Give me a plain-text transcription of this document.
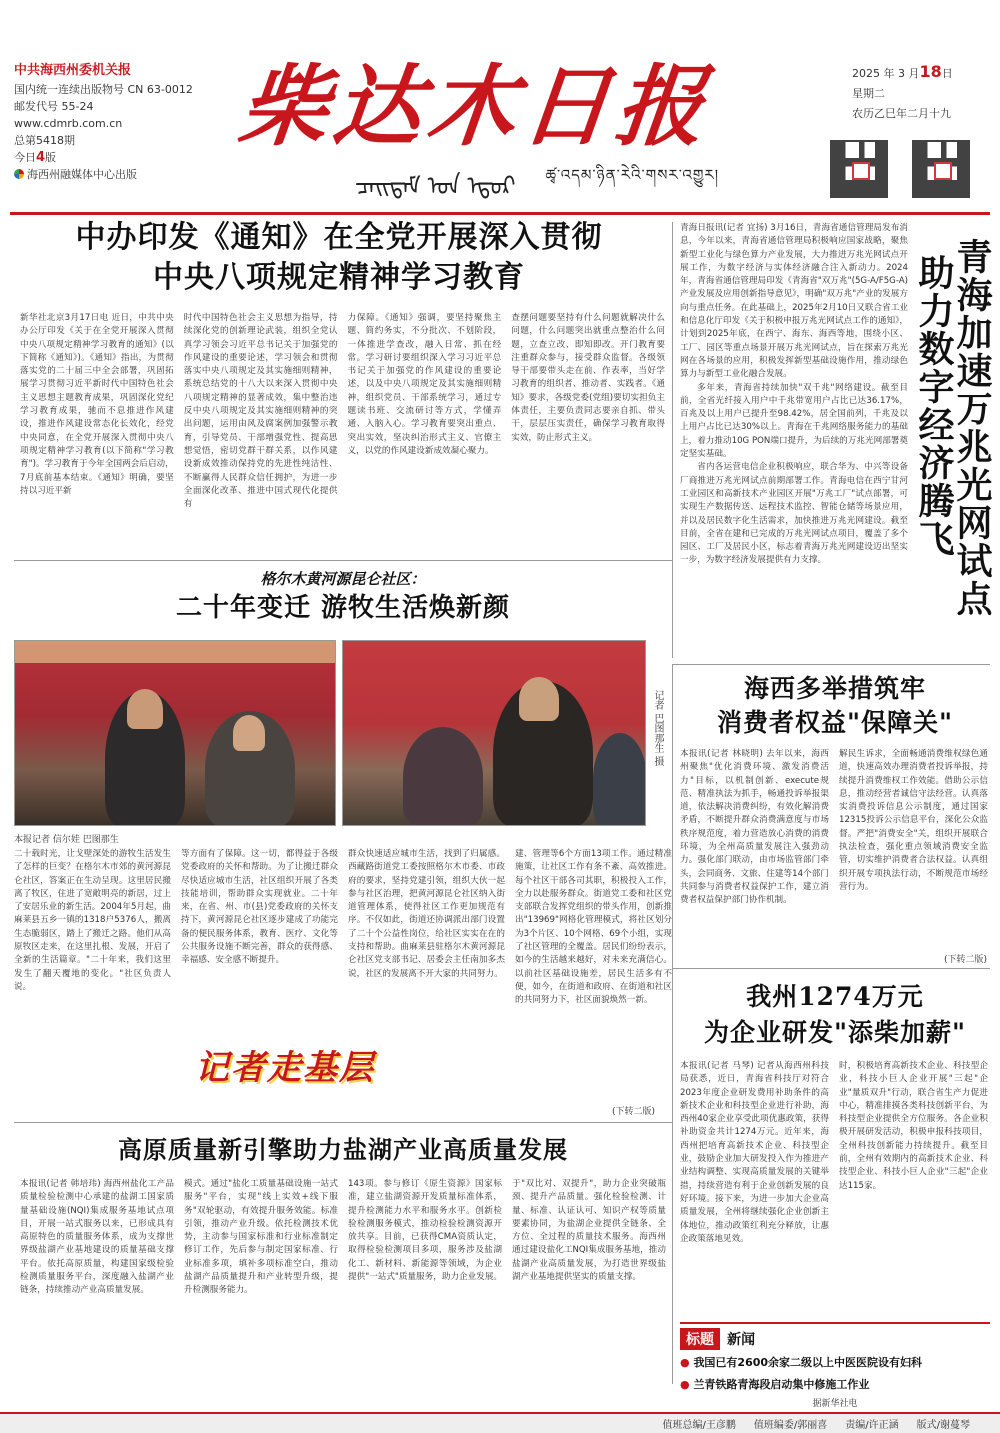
中共海西州委机关报
国内统一连续出版物号 CN 63-0012
邮发代号 55-24
www.cdmrb.com.cn
总第5418期
今日4版
海西州融媒体中心出版
柴达木日报
ᠴᠠᠢᠳᠠᠮ ᠤᠨ ᠡᠳᠦᠷ ཚྭ་འདམ་ཉིན་རེའི་གསར་འགྱུར།
2025 年 3 月18日
星期二
农历乙巳年二月十九
中办印发《通知》在全党开展深入贯彻
中央八项规定精神学习教育
新华社北京3月17日电 近日，中共中央办公厅印发《关于在全党开展深入贯彻中央八项规定精神学习教育的通知》(以下简称《通知》)。《通知》指出，为贯彻落实党的二十届三中全会部署，巩固拓展学习贯彻习近平新时代中国特色社会主义思想主题教育成果，巩固深化党纪学习教育成果，驰而不息推进作风建设，推进作风建设常态化长效化，经党中央同意，在全党开展深入贯彻中央八项规定精神学习教育(以下简称"学习教育")。学习教育于今年全国两会后启动，7月底前基本结束。《通知》明确，要坚持以习近平新
时代中国特色社会主义思想为指导，持续深化党的创新理论武装，组织全党认真学习领会习近平总书记关于加强党的作风建设的重要论述，学习领会和贯彻落实中央八项规定及其实施细则精神，系统总结党的十八大以来深入贯彻中央八项规定精神的显著成效，集中整治违反中央八项规定及其实施细则精神的突出问题，运用由风及腐案例加强警示教育，引导党员、干部增强党性、提高思想觉悟，密切党群干群关系，以作风建设新成效推动保持党的先进性纯洁性、不断赢得人民群众信任拥护，为进一步全面深化改革、推进中国式现代化提供有
力保障。《通知》强调，要坚持聚焦主题、简约务实，不分批次、不划阶段，一体推进学查改，融入日常、抓在经常。学习研讨要组织深入学习习近平总书记关于加强党的作风建设的重要论述，以及中央八项规定及其实施细则精神，组织党员、干部系统学习，通过专题读书班、交流研讨等方式，学懂弄通、入脑入心。学习教育要突出重点、突出实效，坚决纠治形式主义、官僚主义，以党的作风建设新成效凝心聚力。
查摆问题要坚持有什么问题就解决什么问题，什么问题突出就重点整治什么问题，立查立改、即知即改。开门教育要注重群众参与，接受群众监督。各级领导干部要带头走在前、作表率，当好学习教育的组织者、推动者、实践者。《通知》要求，各级党委(党组)要切实担负主体责任，主要负责同志要亲自抓、带头干，层层压实责任，确保学习教育取得实效，防止形式主义。

青海日报讯(记者 宜扬) 3月16日，青海省通信管理局发布消息，今年以来，青海省通信管理局积极响应国家战略，聚焦新型工业化与绿色算力产业发展，大力推进万兆光网试点开展工作，为数字经济与实体经济融合注入新动力。2024年，青海省通信管理局印发《青海省"双万兆"(5G-A/F5G-A)产业发展及应用创新指导意见》，明确"双万兆"产业的发展方向与重点任务。在此基础上，2025年2月10日又联合省工业和信息化厅印发《关于积极申报万兆光网试点工作的通知》，计划到2025年底，在西宁、海东、海西等地，围绕小区、工厂、园区等重点场景开展万兆光网试点，旨在探索万兆光网在各场景的应用，积极发挥新型基础设施作用，推动绿色算力与新型工业化融合发展。

多年来，青海省持续加快"双千兆"网络建设。截至目前，全省光纤接入用户中千兆带宽用户占比已达36.17%，百兆及以上用户已提升至98.42%，居全国前列，千兆及以上用户占比已达30%以上。青海在千兆网络服务能力的基础上，着力推动10G PON端口提升，为后续的万兆光网部署奠定坚实基础。

省内各运营电信企业积极响应，联合华为、中兴等设备厂商推进万兆光网试点前期部署工作。青海电信在西宁甘河工业园区和高新技术产业园区开展"万兆工厂"试点部署，可实现生产数据传送、远程技术监控、智能仓储等场景应用，并以及居民数字化生活需求，加快推进万兆光网建设。截至目前，全省在建和已完成的万兆光网试点项目，覆盖了多个园区、工厂及居民小区，标志着青海万兆光网建设迈出坚实一步，为数字经济发展提供有力支撑。	青海加速万兆光网试点
助力数字经济腾飞
格尔木黄河源昆仑社区：
二十年变迁 游牧生活焕新颜
记者 巴图那生 摄
本报记者 信尔娃 巴图那生
二十载时光，让戈壁深处的游牧生活发生了怎样的巨变？在格尔木市郊的黄河源昆仑社区，答案正在生动呈现。这里居民搬离了牧区，住进了宽敞明亮的新居，过上了安居乐业的新生活。2004年5月起，曲麻莱县五乡一镇的1318户5376人，搬离生态脆弱区，踏上了搬迁之路。他们从高原牧区走来，在这里扎根、发展，开启了全新的生活篇章。"二十年来，我们这里发生了翻天覆地的变化。"社区负责人说。
等方面有了保障。这一切，都得益于各级党委政府的关怀和帮助。为了让搬迁群众尽快适应城市生活，社区组织开展了各类技能培训，帮助群众实现就业。二十年来，在省、州、市(县)党委政府的关怀支持下，黄河源昆仑社区逐步建成了功能完备的便民服务体系，教育、医疗、文化等公共服务设施不断完善，群众的获得感、幸福感、安全感不断提升。
群众快速适应城市生活，找到了归属感。西藏路街道党工委按照格尔木市委、市政府的要求，坚持党建引领，组织大伙一起参与社区治理，把黄河源昆仑社区纳入街道管理体系，使得社区工作更加规范有序。不仅如此，街道还协调派出部门设置了二十个公益性岗位，给社区实实在在的支持和帮助。曲麻莱县驻格尔木黄河源昆仑社区党支部书记、居委会主任南加多杰说，社区的发展离不开大家的共同努力。
建、管理等6个方面13项工作。通过精准施策，让社区工作有条不紊、高效推进。每个社区干部各司其职，积极投入工作，全力以赴服务群众。街道党工委和社区党支部联合发挥党组织的带头作用，创新推出"13969"网格化管理模式，将社区划分为3个片区、10个网格、69个小组，实现了社区管理的全覆盖。居民们纷纷表示，如今的生活越来越好，对未来充满信心。以前社区基础设施差，居民生活多有不便，如今，在街道和政府、在街道和社区的共同努力下，社区面貌焕然一新。
记者走基层
(下转二版)
海西多举措筑牢
消费者权益"保障关"
本报讯(记者 林晓明) 去年以来，海西州聚焦"优化消费环境、激发消费活力"目标，以机制创新、execute规范、精准执法为抓手，畅通投诉举报渠道，依法解决消费纠纷，有效化解消费矛盾，不断提升群众消费满意度与市场秩序规范度，着力营造放心消费的消费环境，为全州高质量发展注入强劲动力。强化部门联动，由市场监管部门牵头，会同商务、文旅、住建等14个部门共同参与消费者权益保护工作，建立消费者权益保护部门协作机制。
解民生诉求，全面畅通消费维权绿色通道，快速高效办理消费者投诉举报，持续提升消费维权工作效能。借助公示信息，推动经营者诚信守法经营。认真落实消费投诉信息公示制度，通过国家12315投诉公示信息平台，深化公众监督。严把"消费安全"关，组织开展联合执法检查，强化重点领域消费安全监管，切实维护消费者合法权益。认真组织开展专项执法行动，不断规范市场经营行为。
(下转二版)
我州1274万元
为企业研发"添柴加薪"
本报讯(记者 马琴) 记者从海西州科技局获悉，近日，青海省科技厅对符合2023年度企业研发费用补助条件的高新技术企业和科技型企业进行补助，海西州40家企业享受此项优惠政策，获得补助资金共计1274万元。近年来，海西州把培育高新技术企业、科技型企业，鼓励企业加大研发投入作为推进产业结构调整、实现高质量发展的关键举措，持续营造有利于企业创新发展的良好环境。接下来，为进一步加大企业高质量发展，全州将继续强化企业创新主体地位，推动政策红利充分释放，让惠企政策落地见效。
时，积极培育高新技术企业、科技型企业，科技小巨人企业开展"三起"企业"量质双升"行动，联合省生产力促进中心，精准排摸各类科技创新平台，为科技型企业提供全方位服务。各企业积极开展研发活动，积极申报科技项目，全州科技创新能力持续提升。截至目前，全州有效期内的高新技术企业、科技型企业、科技小巨人企业"三起"企业达115家。
高原质量新引擎助力盐湖产业高质量发展
本报讯(记者 韩培玮) 海西州盐化工产品质量检验检测中心承建的盐湖工国家质量基础设施(NQI)集成服务基地试点项目，开展一站式服务以来，已形成具有高原特色的质量服务体系，成为支撑世界级盐湖产业基地建设的质量基础支撑平台。依托高原质量，构建国家级检验检测质量服务平台，深度融入盐湖产业链条，持续推动产业高质量发展。
模式。通过"盐化工质量基础设施一站式服务"平台，实现"线上实效+线下服务"双轮驱动，有效提升服务效能。标准引领，推动产业升级。依托检测技术优势，主动参与国家标准和行业标准制定修订工作，先后参与制定国家标准、行业标准多项，填补多项标准空白，推动盐湖产品质量提升和产业转型升级，提升检测服务能力。
143项。参与修订《原生资源》国家标准，建立盐湖资源开发质量标准体系，提升检测能力水平和服务水平。创新检验检测服务模式，推动检验检测资源开放共享。目前，已获得CMA资质认定，取得检验检测项目多项，服务涉及盐湖化工、新材料、新能源等领域，为企业提供"一站式"质量服务，助力企业发展。
于"双比对、双提升"，助力企业突破瓶颈、提升产品质量。强化检验检测、计量、标准、认证认可、知识产权等质量要素协同，为盐湖企业提供全链条、全方位、全过程的质量技术服务。海西州通过建设盐化工NQI集成服务基地，推动盐湖产业高质量发展，为打造世界级盐湖产业基地提供坚实的质量支撑。
标题 新闻
● 我国已有2600余家二级以上中医医院设有妇科
● 兰青铁路青海段启动集中修施工作业
据新华社电
值班总编/王彦鹏 值班编委/郭丽喜 责编/许正涵 版式/谢蔓琴
